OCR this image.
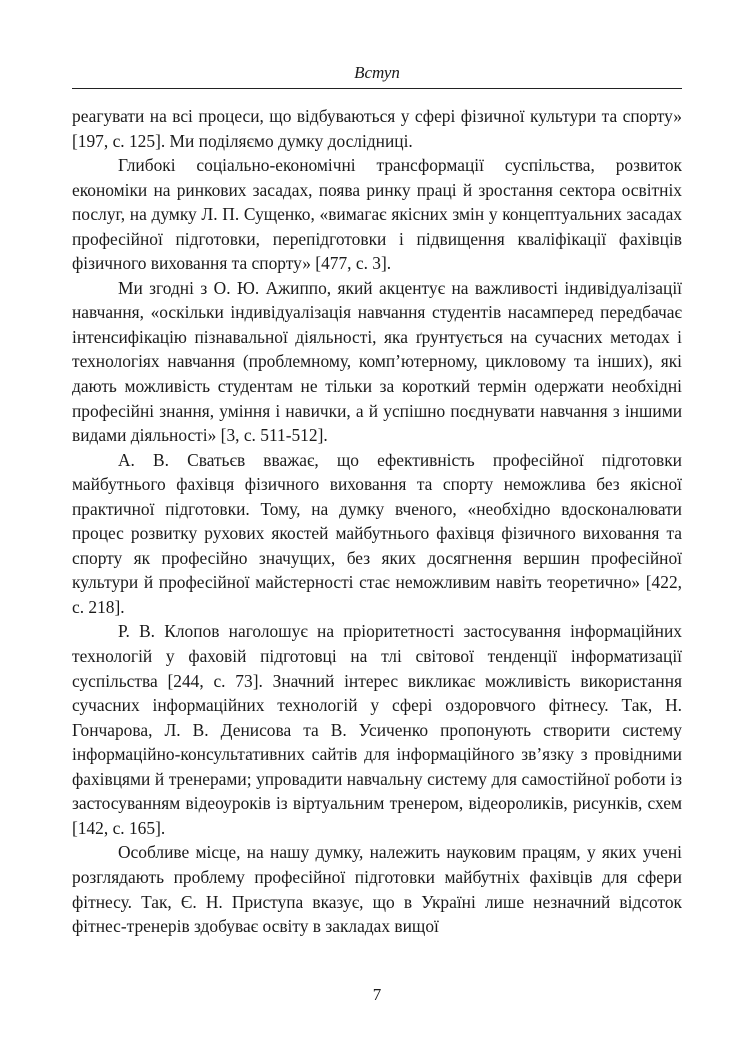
Вступ

реагувати на всі процеси, що відбуваються у сфері фізичної культури та спорту» [197, с. 125]. Ми поділяємо думку дослідниці.

Глибокі соціально-економічні трансформації суспільства, розвиток економіки на ринкових засадах, поява ринку праці й зростання сектора освітніх послуг, на думку Л. П. Сущенко, «вимагає якісних змін у концептуальних засадах професійної підготовки, перепідготовки і підвищення кваліфікації фахівців фізичного виховання та спорту» [477, с. 3].

Ми згодні з О. Ю. Ажиппо, який акцентує на важливості індивідуалізації навчання, «оскільки індивідуалізація навчання студентів насамперед передбачає інтенсифікацію пізнавальної діяльності, яка ґрунтується на сучасних методах і технологіях навчання (проблемному, комп’ютерному, цикловому та інших), які дають можливість студентам не тільки за короткий термін одержати необхідні професійні знання, уміння і навички, а й успішно поєднувати навчання з іншими видами діяльності» [3, с. 511-512].

А. В. Сватьєв вважає, що ефективність професійної підготовки майбутнього фахівця фізичного виховання та спорту неможлива без якісної практичної підготовки. Тому, на думку вченого, «необхідно вдосконалювати процес розвитку рухових якостей майбутнього фахівця фізичного виховання та спорту як професійно значущих, без яких досягнення вершин професійної культури й професійної майстерності стає неможливим навіть теоретично» [422, с. 218].

Р. В. Клопов наголошує на пріоритетності застосування інформаційних технологій у фаховій підготовці на тлі світової тенденції інформатизації суспільства [244, с. 73]. Значний інтерес викликає можливість використання сучасних інформаційних технологій у сфері оздоровчого фітнесу. Так, Н. Гончарова, Л. В. Денисова та В. Усиченко пропонують створити систему інформаційно-консультативних сайтів для інформаційного зв’язку з провідними фахівцями й тренерами; упровадити навчальну систему для самостійної роботи із застосуванням відеоуроків із віртуальним тренером, відеороликів, рисунків, схем [142, с. 165].

Особливе місце, на нашу думку, належить науковим працям, у яких учені розглядають проблему професійної підготовки майбутніх фахівців для сфери фітнесу. Так, Є. Н. Приступа вказує, що в Україні лише незначний відсоток фітнес-тренерів здобуває освіту в закладах вищої

7
